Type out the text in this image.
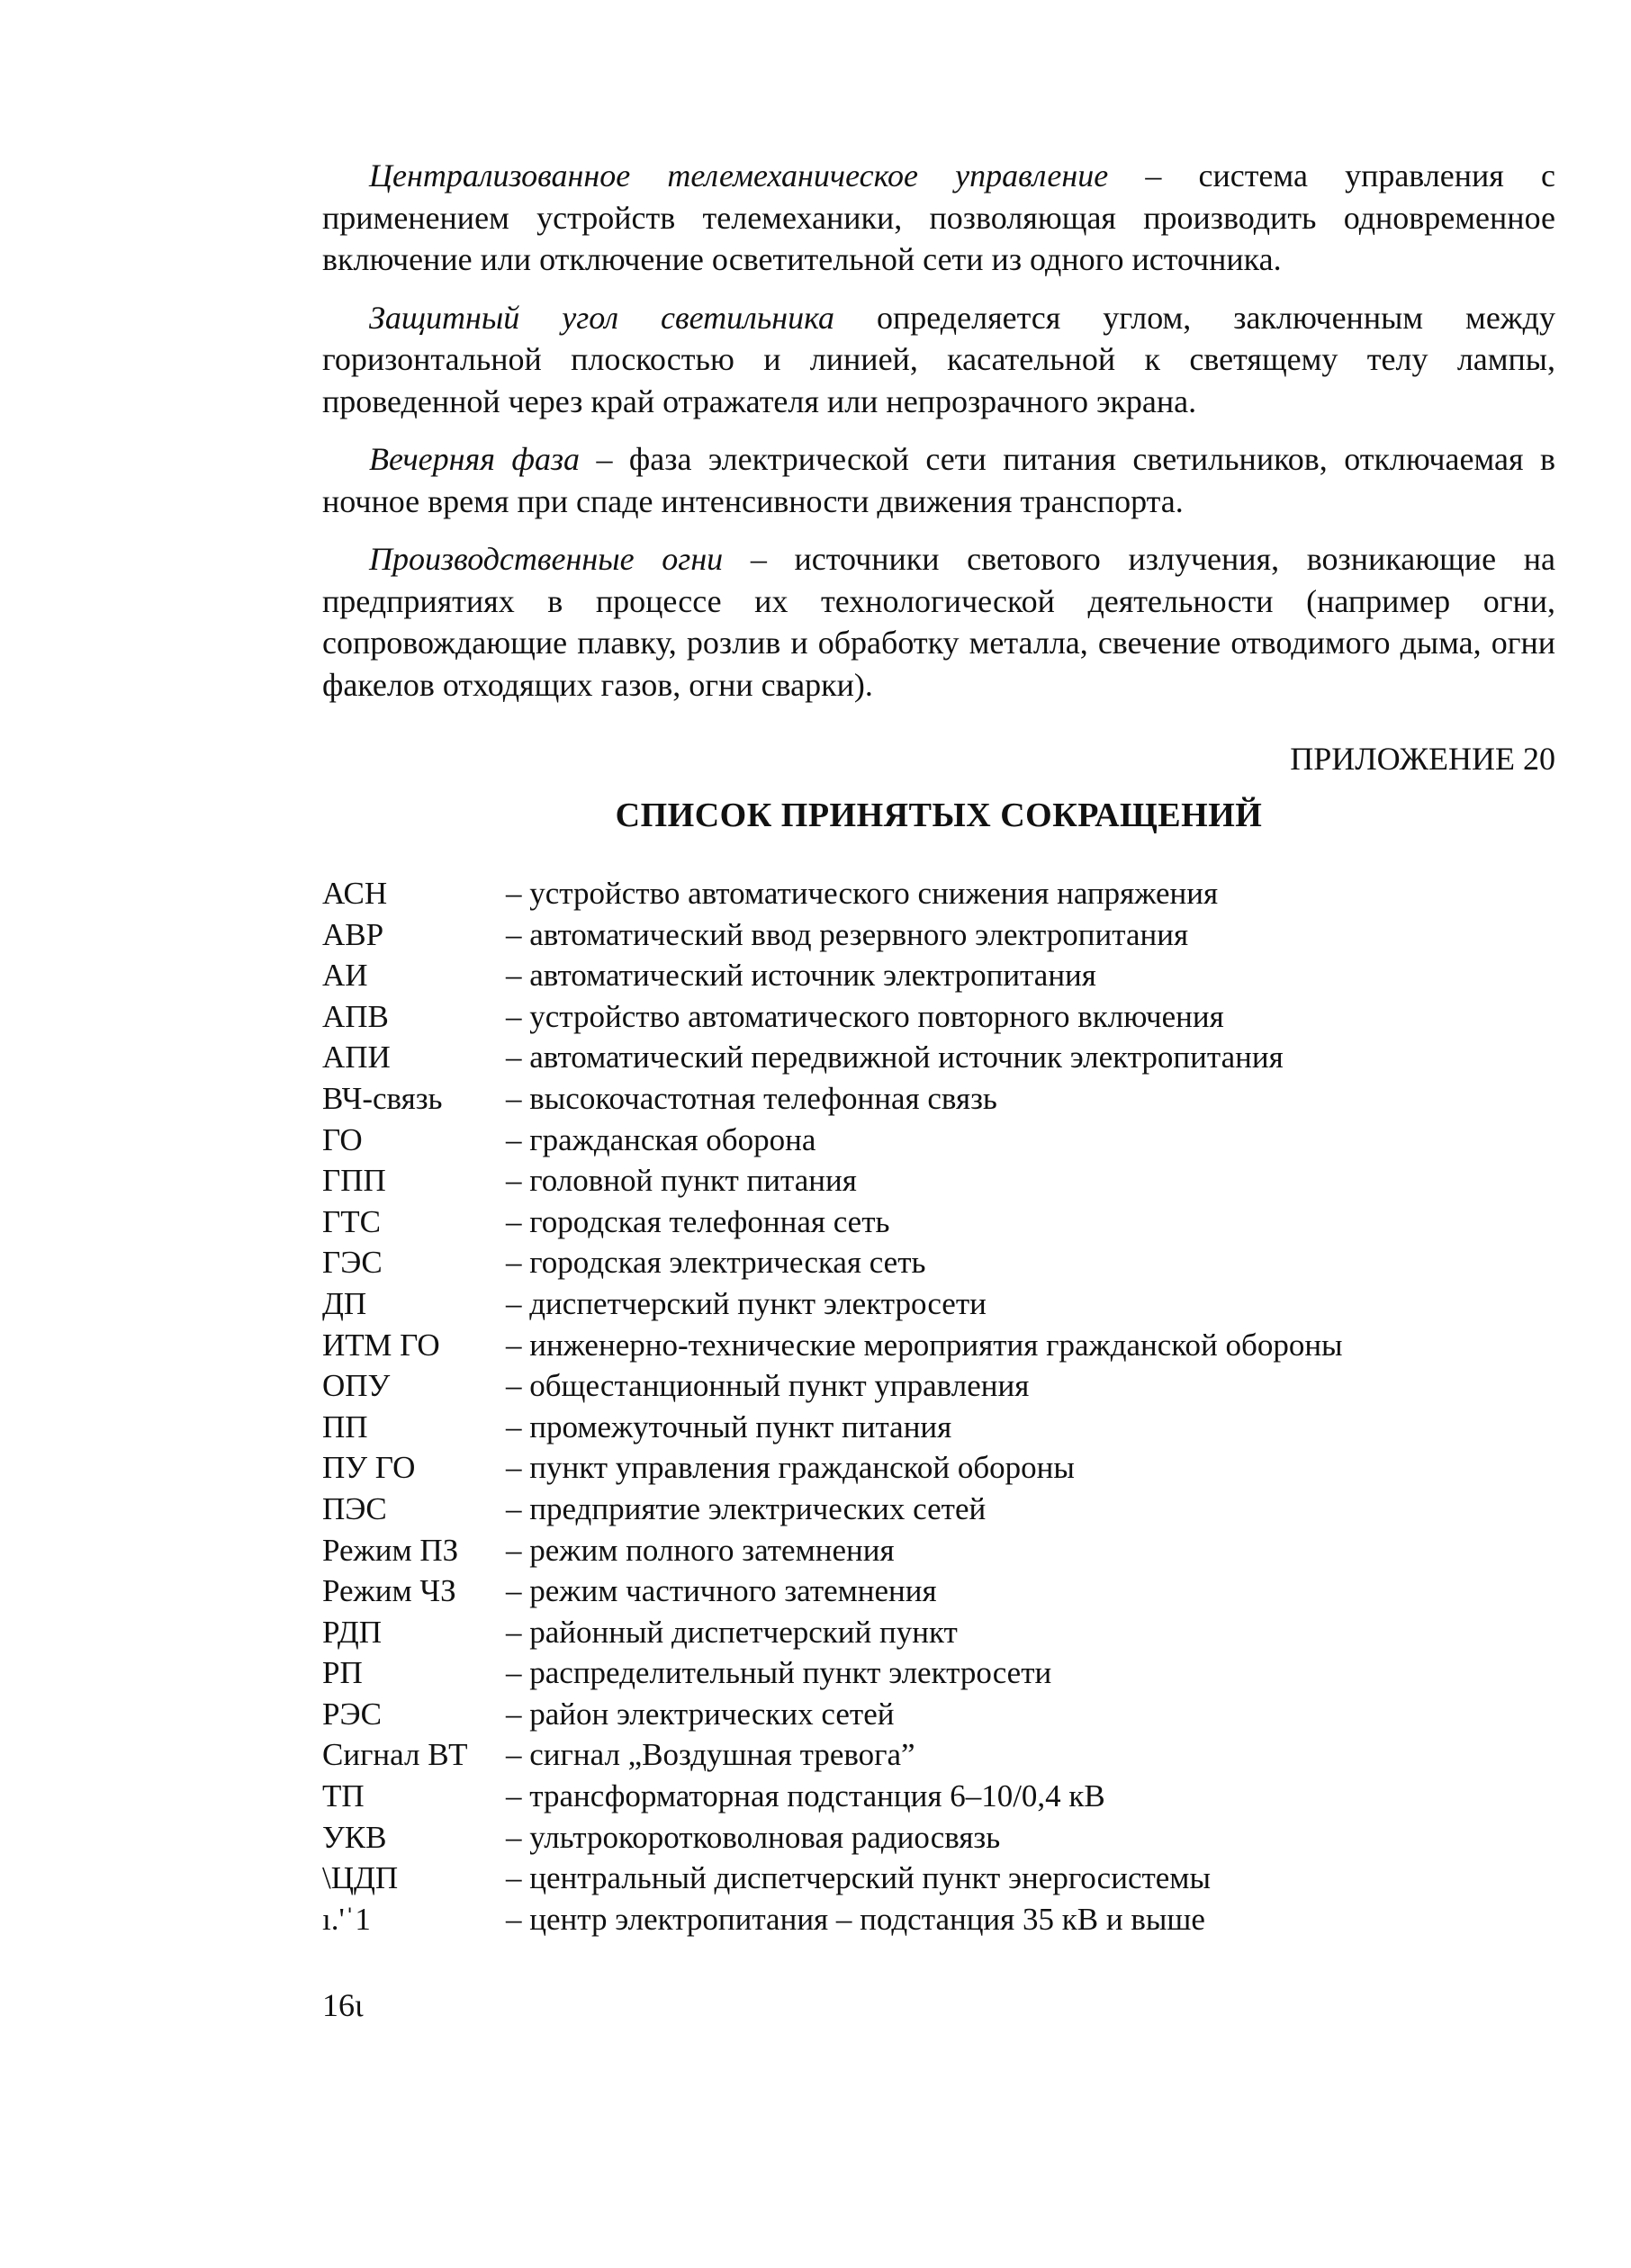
Централизованное телемеханическое управление – система управления с применением устройств телемеханики, позволяющая производить одновременное включение или отключение осветительной сети из одного источника.

Защитный угол светильника определяется углом, заключенным между горизонтальной плоскостью и линией, касательной к светящему телу лампы, проведенной через край отражателя или непрозрачного экрана.

Вечерняя фаза – фаза электрической сети питания светильников, отключаемая в ночное время при спаде интенсивности движения транспорта.

Производственные огни – источники светового излучения, возникающие на предприятиях в процессе их технологической деятельности (например огни, сопровождающие плавку, розлив и обработку металла, свечение отводимого дыма, огни факелов отходящих газов, огни сварки).

ПРИЛОЖЕНИЕ 20
СПИСОК ПРИНЯТЫХ СОКРАЩЕНИЙ
АСН	– устройство автоматического снижения напряжения
АВР	– автоматический ввод резервного электропитания
АИ	– автоматический источник электропитания
АПВ	– устройство автоматического повторного включения
АПИ	– автоматический передвижной источник электропитания
ВЧ-связь	– высокочастотная телефонная связь
ГО	– гражданская оборона
ГПП	– головной пункт питания
ГТС	– городская телефонная сеть
ГЭС	– городская электрическая сеть
ДП	– диспетчерский пункт электросети
ИТМ ГО	– инженерно-технические мероприятия гражданской обороны
ОПУ	– общестанционный пункт управления
ПП	– промежуточный пункт питания
ПУ ГО	– пункт управления гражданской обороны
ПЭС	– предприятие электрических сетей
Режим ПЗ	– режим полного затемнения
Режим ЧЗ	– режим частичного затемнения
РДП	– районный диспетчерский пункт
РП	– распределительный пункт электросети
РЭС	– район электрических сетей
Сигнал ВТ	– сигнал „Воздушная тревога”
ТП	– трансформаторная подстанция 6–10/0,4 кВ
УКВ	– ультрокоротковолновая радиосвязь
\ЦДП	– центральный диспетчерский пункт энергосистемы
ı.'ˈ1	– центр электропитания – подстанция 35 кВ и выше
16ι
